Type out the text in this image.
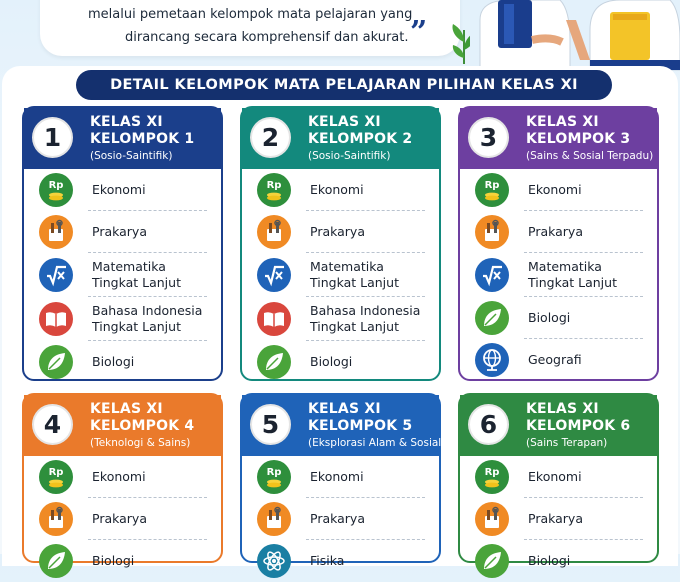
melalui pemetaan kelompok mata pelajaran yang
dirancang secara komprehensif dan akurat. ”
DETAIL KELOMPOK MATA PELAJARAN PILIHAN KELAS XI
1
KELAS XI
KELOMPOK 1
(Sosio-Saintifik)
Rp Ekonomi
Prakarya
Matematika
Tingkat Lanjut
Bahasa Indonesia
Tingkat Lanjut
Biologi
2
KELAS XI
KELOMPOK 2
(Sosio-Saintifik)
Rp Ekonomi
Prakarya
Matematika
Tingkat Lanjut
Bahasa Indonesia
Tingkat Lanjut
Biologi
3
KELAS XI
KELOMPOK 3
(Sains & Sosial Terpadu)
Rp Ekonomi
Prakarya
Matematika
Tingkat Lanjut
Biologi
Geografi
4
KELAS XI
KELOMPOK 4
(Teknologi & Sains)
Rp Ekonomi
Prakarya
Biologi
5
KELAS XI
KELOMPOK 5
(Eksplorasi Alam & Sosial)
Rp Ekonomi
Prakarya
Fisika
6
KELAS XI
KELOMPOK 6
(Sains Terapan)
Rp Ekonomi
Prakarya
Biologi
